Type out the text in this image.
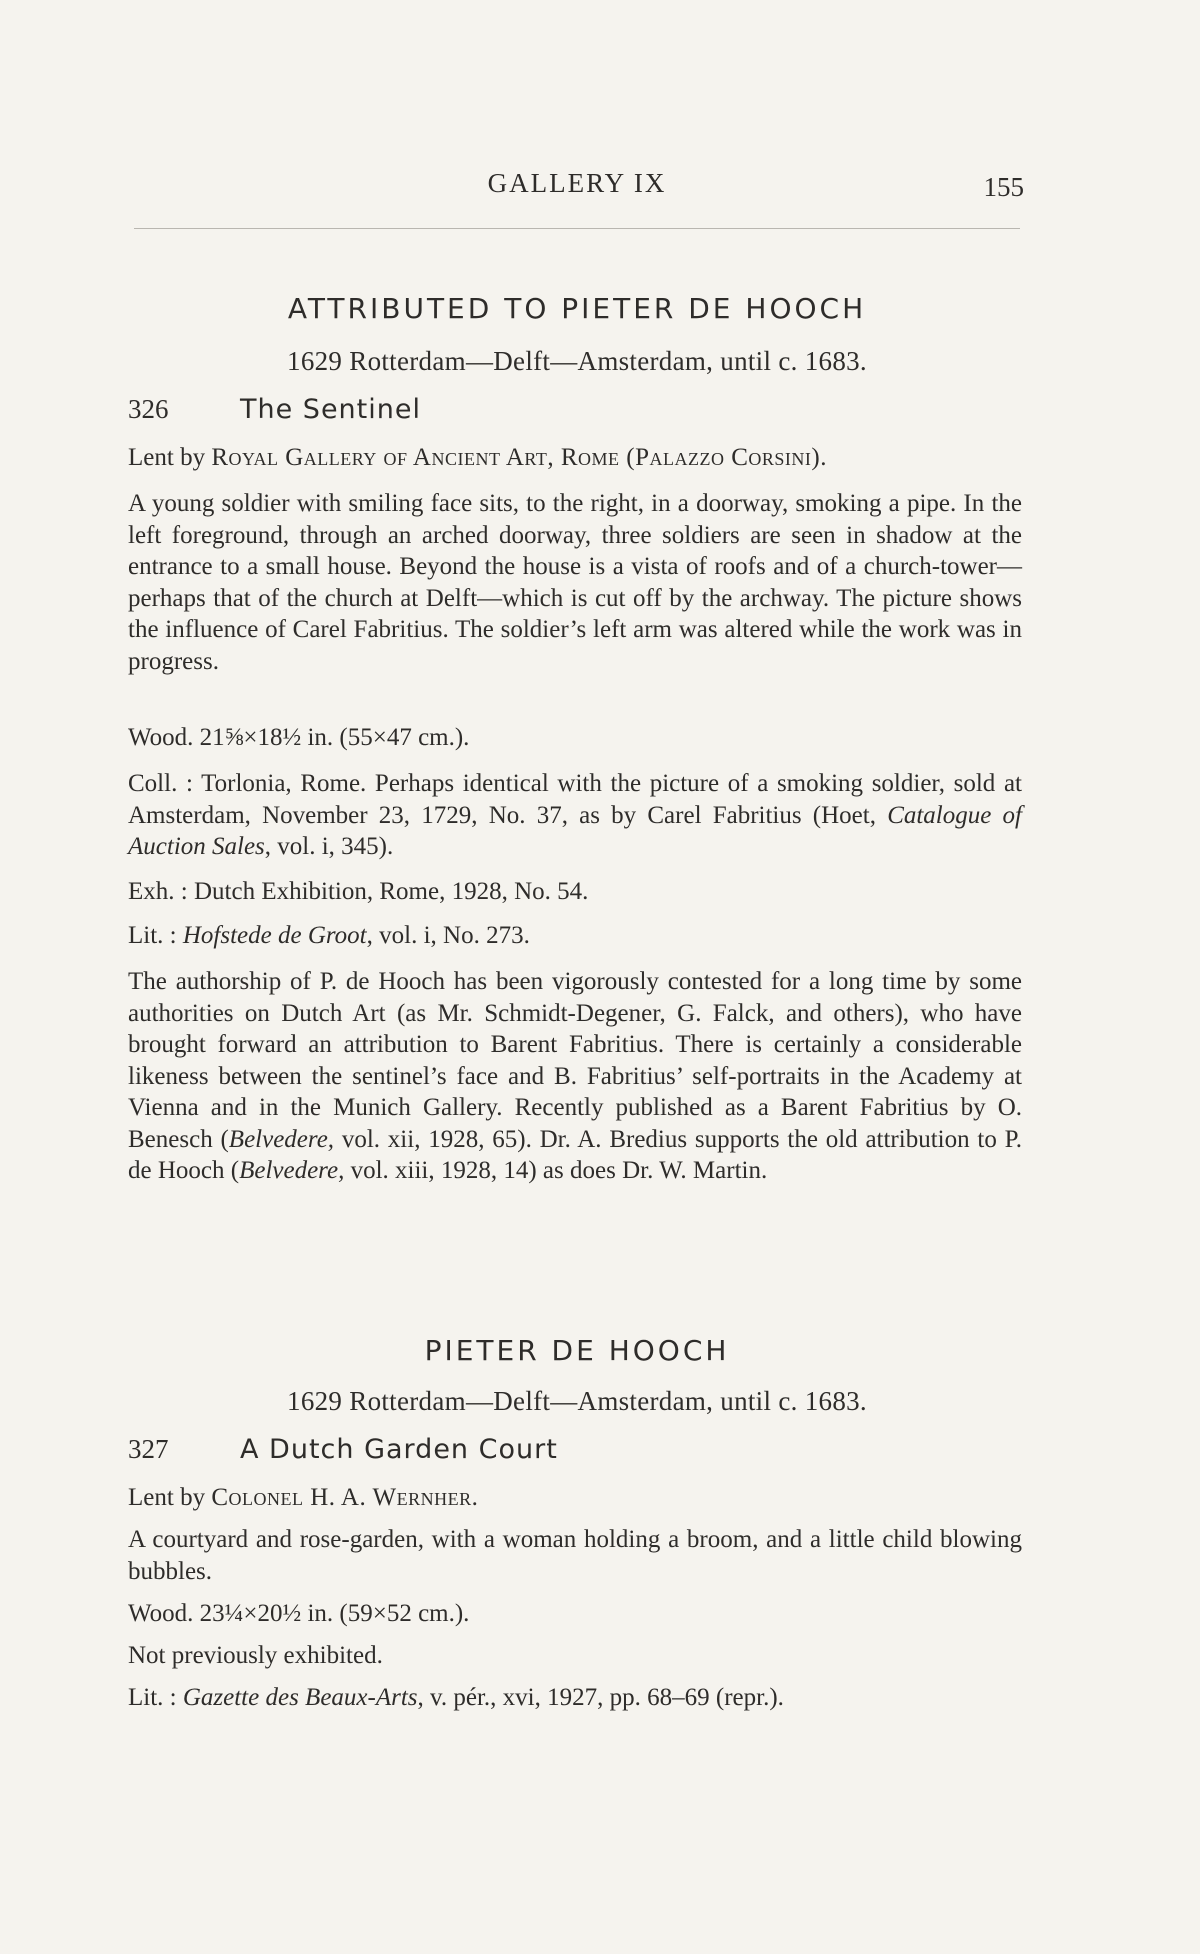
GALLERY IX	155
ATTRIBUTED TO PIETER DE HOOCH
1629 Rotterdam—Delft—Amsterdam, until c. 1683.
326	The Sentinel

Lent by Royal Gallery of Ancient Art, Rome (Palazzo Corsini).

A young soldier with smiling face sits, to the right, in a doorway, smoking a pipe. In the left foreground, through an arched doorway, three soldiers are seen in shadow at the entrance to a small house. Beyond the house is a vista of roofs and of a church-tower—perhaps that of the church at Delft—which is cut off by the archway. The picture shows the influence of Carel Fabritius. The soldier’s left arm was altered while the work was in progress.

Wood. 21⅝×18½ in. (55×47 cm.).

Coll. : Torlonia, Rome. Perhaps identical with the picture of a smoking soldier, sold at Amsterdam, November 23, 1729, No. 37, as by Carel Fabritius (Hoet, Catalogue of Auction Sales, vol. i, 345).

Exh. : Dutch Exhibition, Rome, 1928, No. 54.

Lit. : Hofstede de Groot, vol. i, No. 273.

The authorship of P. de Hooch has been vigorously contested for a long time by some authorities on Dutch Art (as Mr. Schmidt-Degener, G. Falck, and others), who have brought forward an attribution to Barent Fabritius. There is certainly a considerable likeness between the sentinel’s face and B. Fabritius’ self-portraits in the Academy at Vienna and in the Munich Gallery. Recently published as a Barent Fabritius by O. Benesch (Belvedere, vol. xii, 1928, 65). Dr. A. Bredius supports the old attribution to P. de Hooch (Belvedere, vol. xiii, 1928, 14) as does Dr. W. Martin.

PIETER DE HOOCH
1629 Rotterdam—Delft—Amsterdam, until c. 1683.
327	A Dutch Garden Court

Lent by Colonel H. A. Wernher.

A courtyard and rose-garden, with a woman holding a broom, and a little child blowing bubbles.

Wood. 23¼×20½ in. (59×52 cm.).

Not previously exhibited.

Lit. : Gazette des Beaux-Arts, v. pér., xvi, 1927, pp. 68–69 (repr.).
